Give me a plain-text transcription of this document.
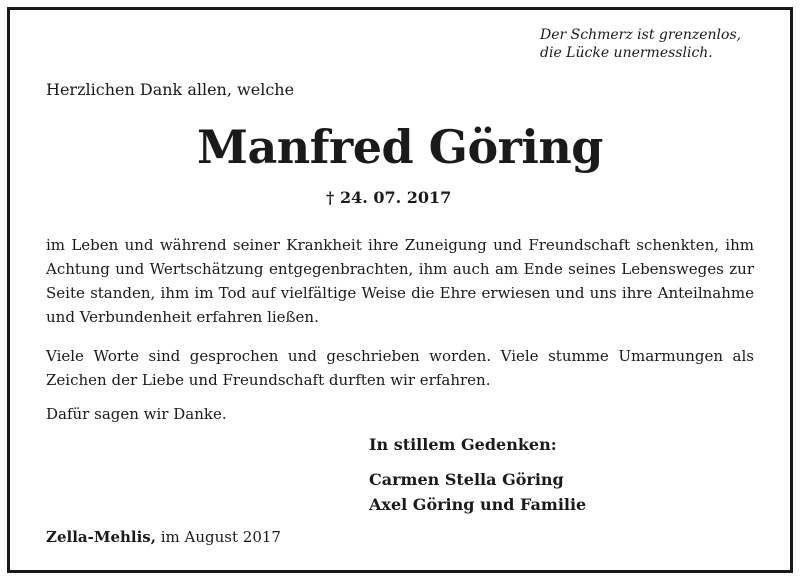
Der Schmerz ist grenzenlos,
die Lücke unermesslich.
Herzlichen Dank allen, welche
Manfred Göring
† 24. 07. 2017
im Leben und während seiner Krankheit ihre Zuneigung und Freundschaft schenkten, ihm Achtung und Wertschätzung entgegenbrachten, ihm auch am Ende seines Lebensweges zur Seite standen, ihm im Tod auf vielfältige Weise die Ehre erwiesen und uns ihre Anteilnahme und Verbundenheit erfahren ließen.
Viele Worte sind gesprochen und geschrieben worden. Viele stumme Umarmungen als Zeichen der Liebe und Freundschaft durften wir erfahren.
Dafür sagen wir Danke.
In stillem Gedenken:
Carmen Stella Göring
Axel Göring und Familie
Zella-Mehlis, im August 2017
